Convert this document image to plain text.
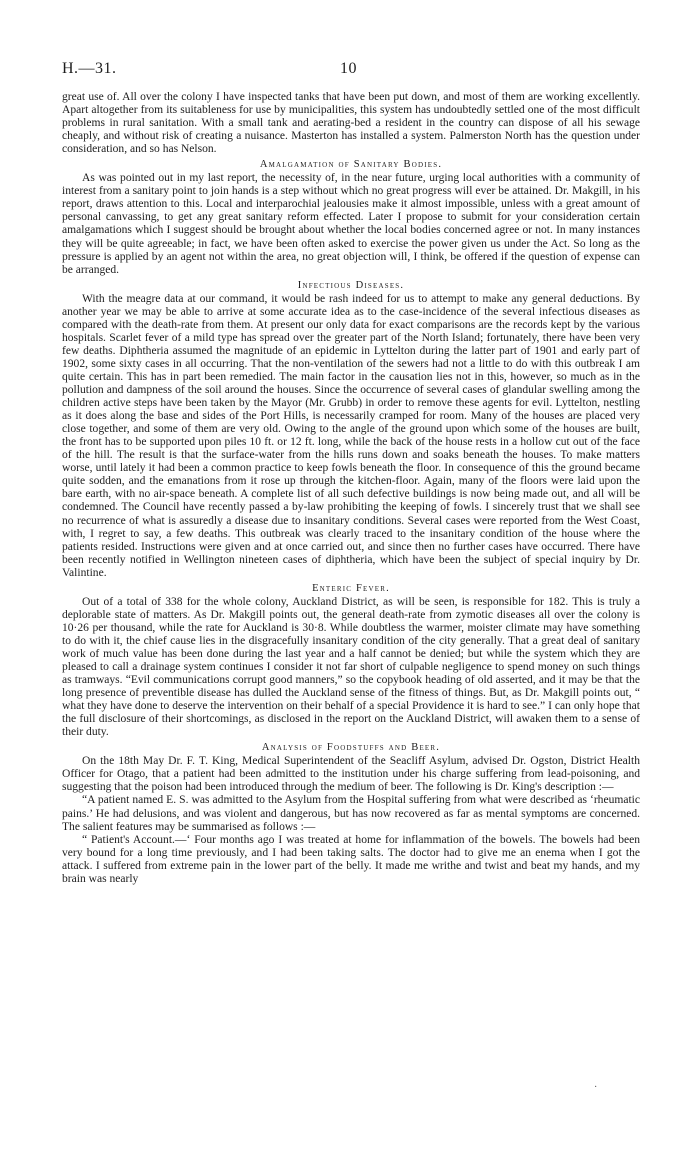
H.—31.	10

great use of. All over the colony I have inspected tanks that have been put down, and most of them are working excellently. Apart altogether from its suitableness for use by municipalities, this system has undoubtedly settled one of the most difficult problems in rural sanitation. With a small tank and aerating-bed a resident in the country can dispose of all his sewage cheaply, and without risk of creating a nuisance. Masterton has installed a system. Palmerston North has the question under consideration, and so has Nelson.

Amalgamation of Sanitary Bodies.

As was pointed out in my last report, the necessity of, in the near future, urging local authorities with a community of interest from a sanitary point to join hands is a step without which no great progress will ever be attained. Dr. Makgill, in his report, draws attention to this. Local and interparochial jealousies make it almost impossible, unless with a great amount of personal canvassing, to get any great sanitary reform effected. Later I propose to submit for your consideration certain amalgamations which I suggest should be brought about whether the local bodies concerned agree or not. In many instances they will be quite agreeable; in fact, we have been often asked to exercise the power given us under the Act. So long as the pressure is applied by an agent not within the area, no great objection will, I think, be offered if the question of expense can be arranged.

Infectious Diseases.

With the meagre data at our command, it would be rash indeed for us to attempt to make any general deductions. By another year we may be able to arrive at some accurate idea as to the case-incidence of the several infectious diseases as compared with the death-rate from them. At present our only data for exact comparisons are the records kept by the various hospitals. Scarlet fever of a mild type has spread over the greater part of the North Island; fortunately, there have been very few deaths. Diphtheria assumed the magnitude of an epidemic in Lyttelton during the latter part of 1901 and early part of 1902, some sixty cases in all occurring. That the non-ventilation of the sewers had not a little to do with this outbreak I am quite certain. This has in part been remedied. The main factor in the causation lies not in this, however, so much as in the pollution and dampness of the soil around the houses. Since the occurrence of several cases of glandular swelling among the children active steps have been taken by the Mayor (Mr. Grubb) in order to remove these agents for evil. Lyttelton, nestling as it does along the base and sides of the Port Hills, is necessarily cramped for room. Many of the houses are placed very close together, and some of them are very old. Owing to the angle of the ground upon which some of the houses are built, the front has to be supported upon piles 10 ft. or 12 ft. long, while the back of the house rests in a hollow cut out of the face of the hill. The result is that the surface-water from the hills runs down and soaks beneath the houses. To make matters worse, until lately it had been a common practice to keep fowls beneath the floor. In consequence of this the ground became quite sodden, and the emanations from it rose up through the kitchen-floor. Again, many of the floors were laid upon the bare earth, with no air-space beneath. A complete list of all such defective buildings is now being made out, and all will be condemned. The Council have recently passed a by-law prohibiting the keeping of fowls. I sincerely trust that we shall see no recurrence of what is assuredly a disease due to insanitary conditions. Several cases were reported from the West Coast, with, I regret to say, a few deaths. This outbreak was clearly traced to the insanitary condition of the house where the patients resided. Instructions were given and at once carried out, and since then no further cases have occurred. There have been recently notified in Wellington nineteen cases of diphtheria, which have been the subject of special inquiry by Dr. Valintine.

Enteric Fever.

Out of a total of 338 for the whole colony, Auckland District, as will be seen, is responsible for 182. This is truly a deplorable state of matters. As Dr. Makgill points out, the general death-rate from zymotic diseases all over the colony is 10·26 per thousand, while the rate for Auckland is 30·8. While doubtless the warmer, moister climate may have something to do with it, the chief cause lies in the disgracefully insanitary condition of the city generally. That a great deal of sanitary work of much value has been done during the last year and a half cannot be denied; but while the system which they are pleased to call a drainage system continues I consider it not far short of culpable negligence to spend money on such things as tramways. “Evil communications corrupt good manners,” so the copybook heading of old asserted, and it may be that the long presence of preventible disease has dulled the Auckland sense of the fitness of things. But, as Dr. Makgill points out, “ what they have done to deserve the intervention on their behalf of a special Providence it is hard to see.” I can only hope that the full disclosure of their shortcomings, as disclosed in the report on the Auckland District, will awaken them to a sense of their duty.

Analysis of Foodstuffs and Beer.

On the 18th May Dr. F. T. King, Medical Superintendent of the Seacliff Asylum, advised Dr. Ogston, District Health Officer for Otago, that a patient had been admitted to the institution under his charge suffering from lead-poisoning, and suggesting that the poison had been introduced through the medium of beer. The following is Dr. King's description :—

“A patient named E. S. was admitted to the Asylum from the Hospital suffering from what were described as ‘rheumatic pains.’ He had delusions, and was violent and dangerous, but has now recovered as far as mental symptoms are concerned. The salient features may be summarised as follows :—

“ Patient's Account.—‘ Four months ago I was treated at home for inflammation of the bowels. The bowels had been very bound for a long time previously, and I had been taking salts. The doctor had to give me an enema when I got the attack. I suffered from extreme pain in the lower part of the belly. It made me writhe and twist and beat my hands, and my brain was nearly

·
